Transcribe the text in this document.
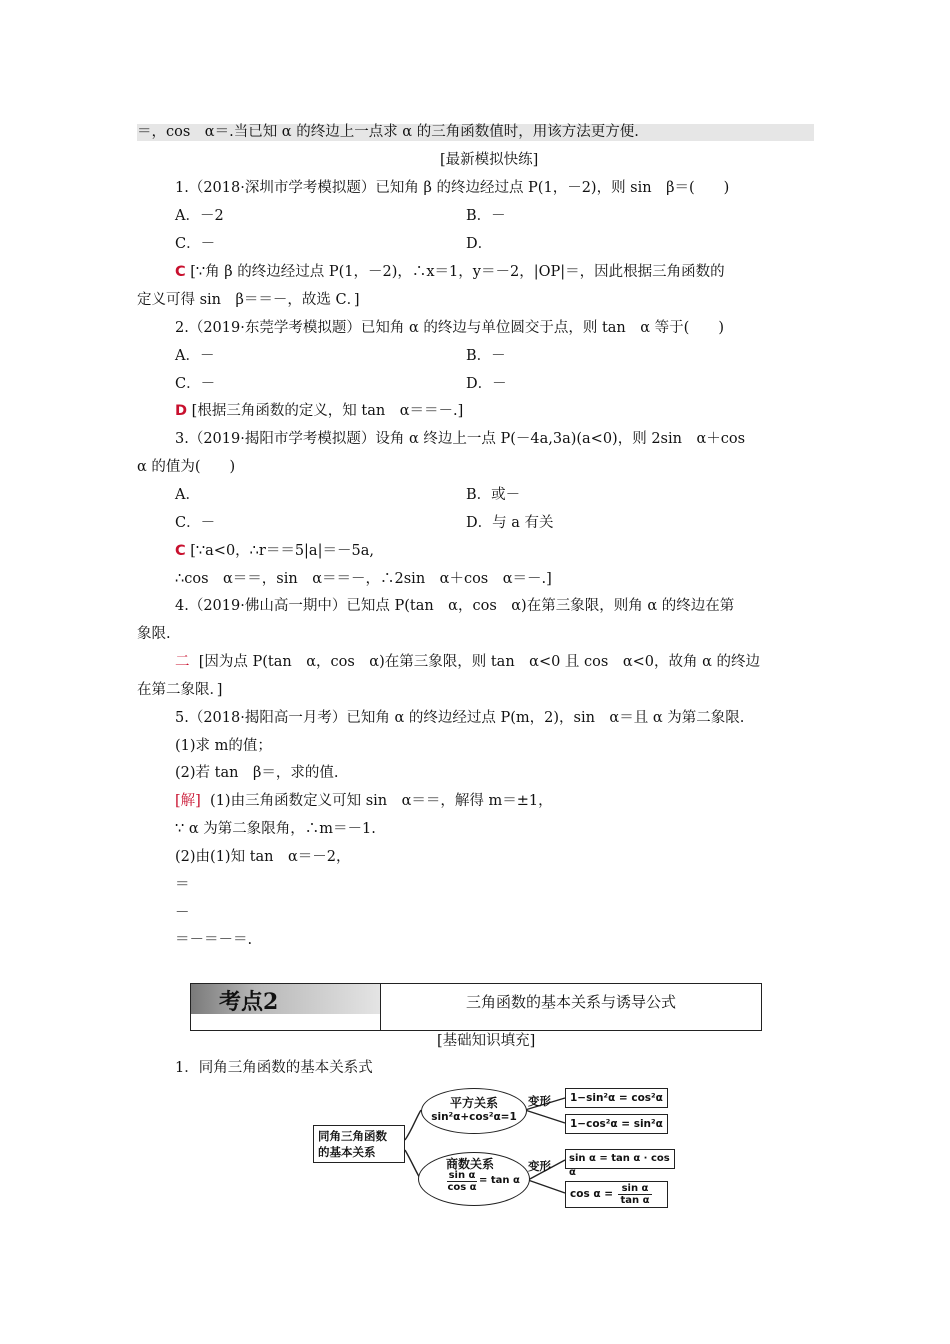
＝，cos　α＝.当已知 α 的终边上一点求 α 的三角函数值时，用该方法更方便.
[最新模拟快练]
1.（2018·深圳市学考模拟题）已知角 β 的终边经过点 P(1，－2)，则 sin　β＝(　　)
A．－2	B．－
C．－	D．
C [∵角 β 的终边经过点 P(1，－2)，∴x＝1，y＝－2，|OP|＝，因此根据三角函数的
定义可得 sin　β＝＝－，故选 C．]
2.（2019·东莞学考模拟题）已知角 α 的终边与单位圆交于点，则 tan　α 等于(　　)
A．－	B．－
C．－	D．－
D [根据三角函数的定义，知 tan　α＝＝－.]
3.（2019·揭阳市学考模拟题）设角 α 终边上一点 P(－4a,3a)(a<0)，则 2sin　α＋cos
α 的值为(　　)
A．	B．或－
C．－	D．与 a 有关
C [∵a<0，∴r＝＝5|a|＝－5a,
∴cos　α＝＝，sin　α＝＝－，∴2sin　α＋cos　α＝－.]
4.（2019·佛山高一期中）已知点 P(tan　α，cos　α)在第三象限，则角 α 的终边在第
象限.
二 [因为点 P(tan　α，cos　α)在第三象限，则 tan　α<0 且 cos　α<0，故角 α 的终边
在第二象限．]
5.（2018·揭阳高一月考）已知角 α 的终边经过点 P(m，2)，sin　α＝且 α 为第二象限.
(1)求 m的值；
(2)若 tan　β＝，求的值.
[解] (1)由三角函数定义可知 sin　α＝＝，解得 m＝±1，
∵ α 为第二象限角，∴m＝－1.
(2)由(1)知 tan　α＝－2，
＝
－
＝－＝－＝.
考点2	三角函数的基本关系与诱导公式
[基础知识填充]
1．同角三角函数的基本关系式
同角三角函数
的基本关系
平方关系
sin²α+cos²α=1
商数关系
$\frac{\text{sin α}}{\text{cos α}} = \tan \alpha$
变形
变形
1−sin²α = cos²α
1−cos²α = sin²α
sin α = tan α · cos α
$\cos \alpha = \frac{\text{sin α}}{\text{tan α}}$
